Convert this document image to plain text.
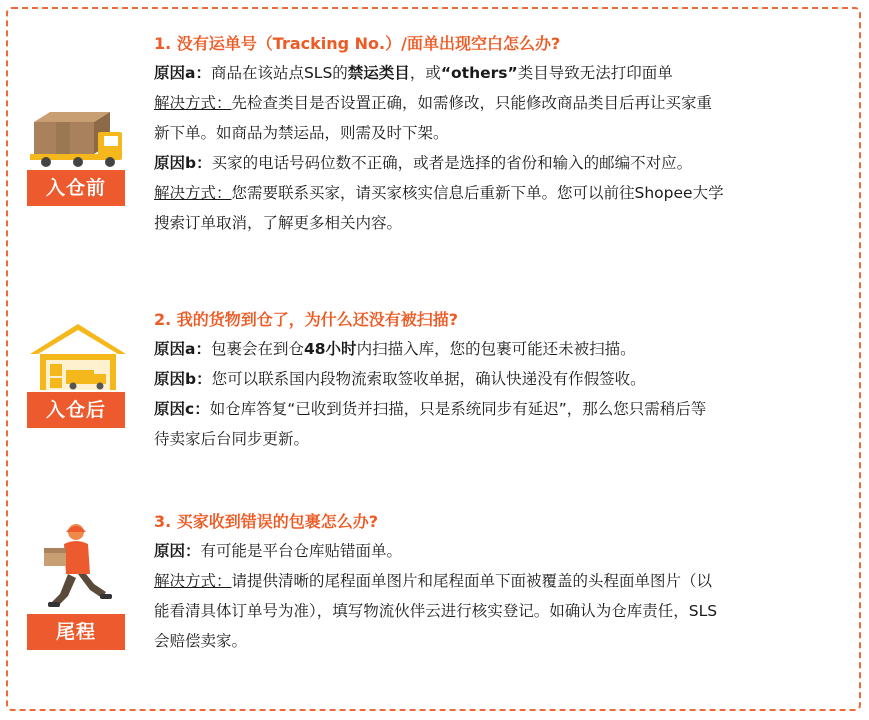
入仓前

1. 没有运单号（Tracking No.）/面单出现空白怎么办?

原因a：商品在该站点SLS的禁运类目，或“others”类目导致无法打印面单

解决方式：先检查类目是否设置正确，如需修改，只能修改商品类目后再让买家重

新下单。如商品为禁运品，则需及时下架。

原因b：买家的电话号码位数不正确，或者是选择的省份和输入的邮编不对应。

解决方式：您需要联系买家，请买家核实信息后重新下单。您可以前往Shopee大学

搜索订单取消，了解更多相关内容。

入仓后

2. 我的货物到仓了，为什么还没有被扫描?

原因a：包裹会在到仓48小时内扫描入库，您的包裹可能还未被扫描。

原因b：您可以联系国内段物流索取签收单据，确认快递没有作假签收。

原因c：如仓库答复“已收到货并扫描，只是系统同步有延迟”，那么您只需稍后等

待卖家后台同步更新。

尾程

3. 买家收到错误的包裹怎么办?

原因：有可能是平台仓库贴错面单。

解决方式：请提供清晰的尾程面单图片和尾程面单下面被覆盖的头程面单图片（以

能看清具体订单号为准），填写物流伙伴云进行核实登记。如确认为仓库责任，SLS

会赔偿卖家。
